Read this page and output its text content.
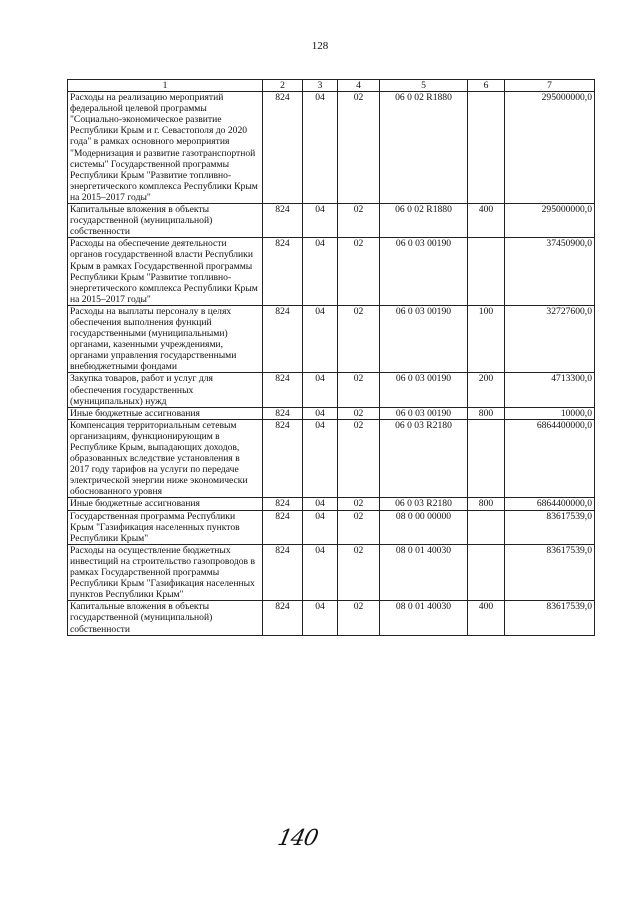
128
1	2	3	4	5	6	7
Расходы на реализацию мероприятий федеральной целевой программы "Социально-экономическое развитие Республики Крым и г. Севастополя до 2020 года" в рамках основного мероприятия "Модернизация и развитие газотранспортной системы" Государственной программы Республики Крым "Развитие топливно-энергетического комплекса Республики Крым на 2015–2017 годы"	824	04	02	06 0 02 R1880		295000000,0
Капитальные вложения в объекты государственной (муниципальной) собственности	824	04	02	06 0 02 R1880	400	295000000,0
Расходы на обеспечение деятельности органов государственной власти Республики Крым в рамках Государственной программы Республики Крым "Развитие топливно-энергетического комплекса Республики Крым на 2015–2017 годы"	824	04	02	06 0 03 00190		37450900,0
Расходы на выплаты персоналу в целях обеспечения выполнения функций государственными (муниципальными) органами, казенными учреждениями, органами управления государственными внебюджетными фондами	824	04	02	06 0 03 00190	100	32727600,0
Закупка товаров, работ и услуг для обеспечения государственных (муниципальных) нужд	824	04	02	06 0 03 00190	200	4713300,0
Иные бюджетные ассигнования	824	04	02	06 0 03 00190	800	10000,0
Компенсация территориальным сетевым организациям, функционирующим в Республике Крым, выпадающих доходов, образованных вследствие установления в 2017 году тарифов на услуги по передаче электрической энергии ниже экономически обоснованного уровня	824	04	02	06 0 03 R2180		6864400000,0
Иные бюджетные ассигнования	824	04	02	06 0 03 R2180	800	6864400000,0
Государственная программа Республики Крым "Газификация населенных пунктов Республики Крым"	824	04	02	08 0 00 00000		83617539,0
Расходы на осуществление бюджетных инвестиций на строительство газопроводов в рамках Государственной программы Республики Крым "Газификация населенных пунктов Республики Крым"	824	04	02	08 0 01 40030		83617539,0
Капитальные вложения в объекты государственной (муниципальной) собственности	824	04	02	08 0 01 40030	400	83617539,0
140
